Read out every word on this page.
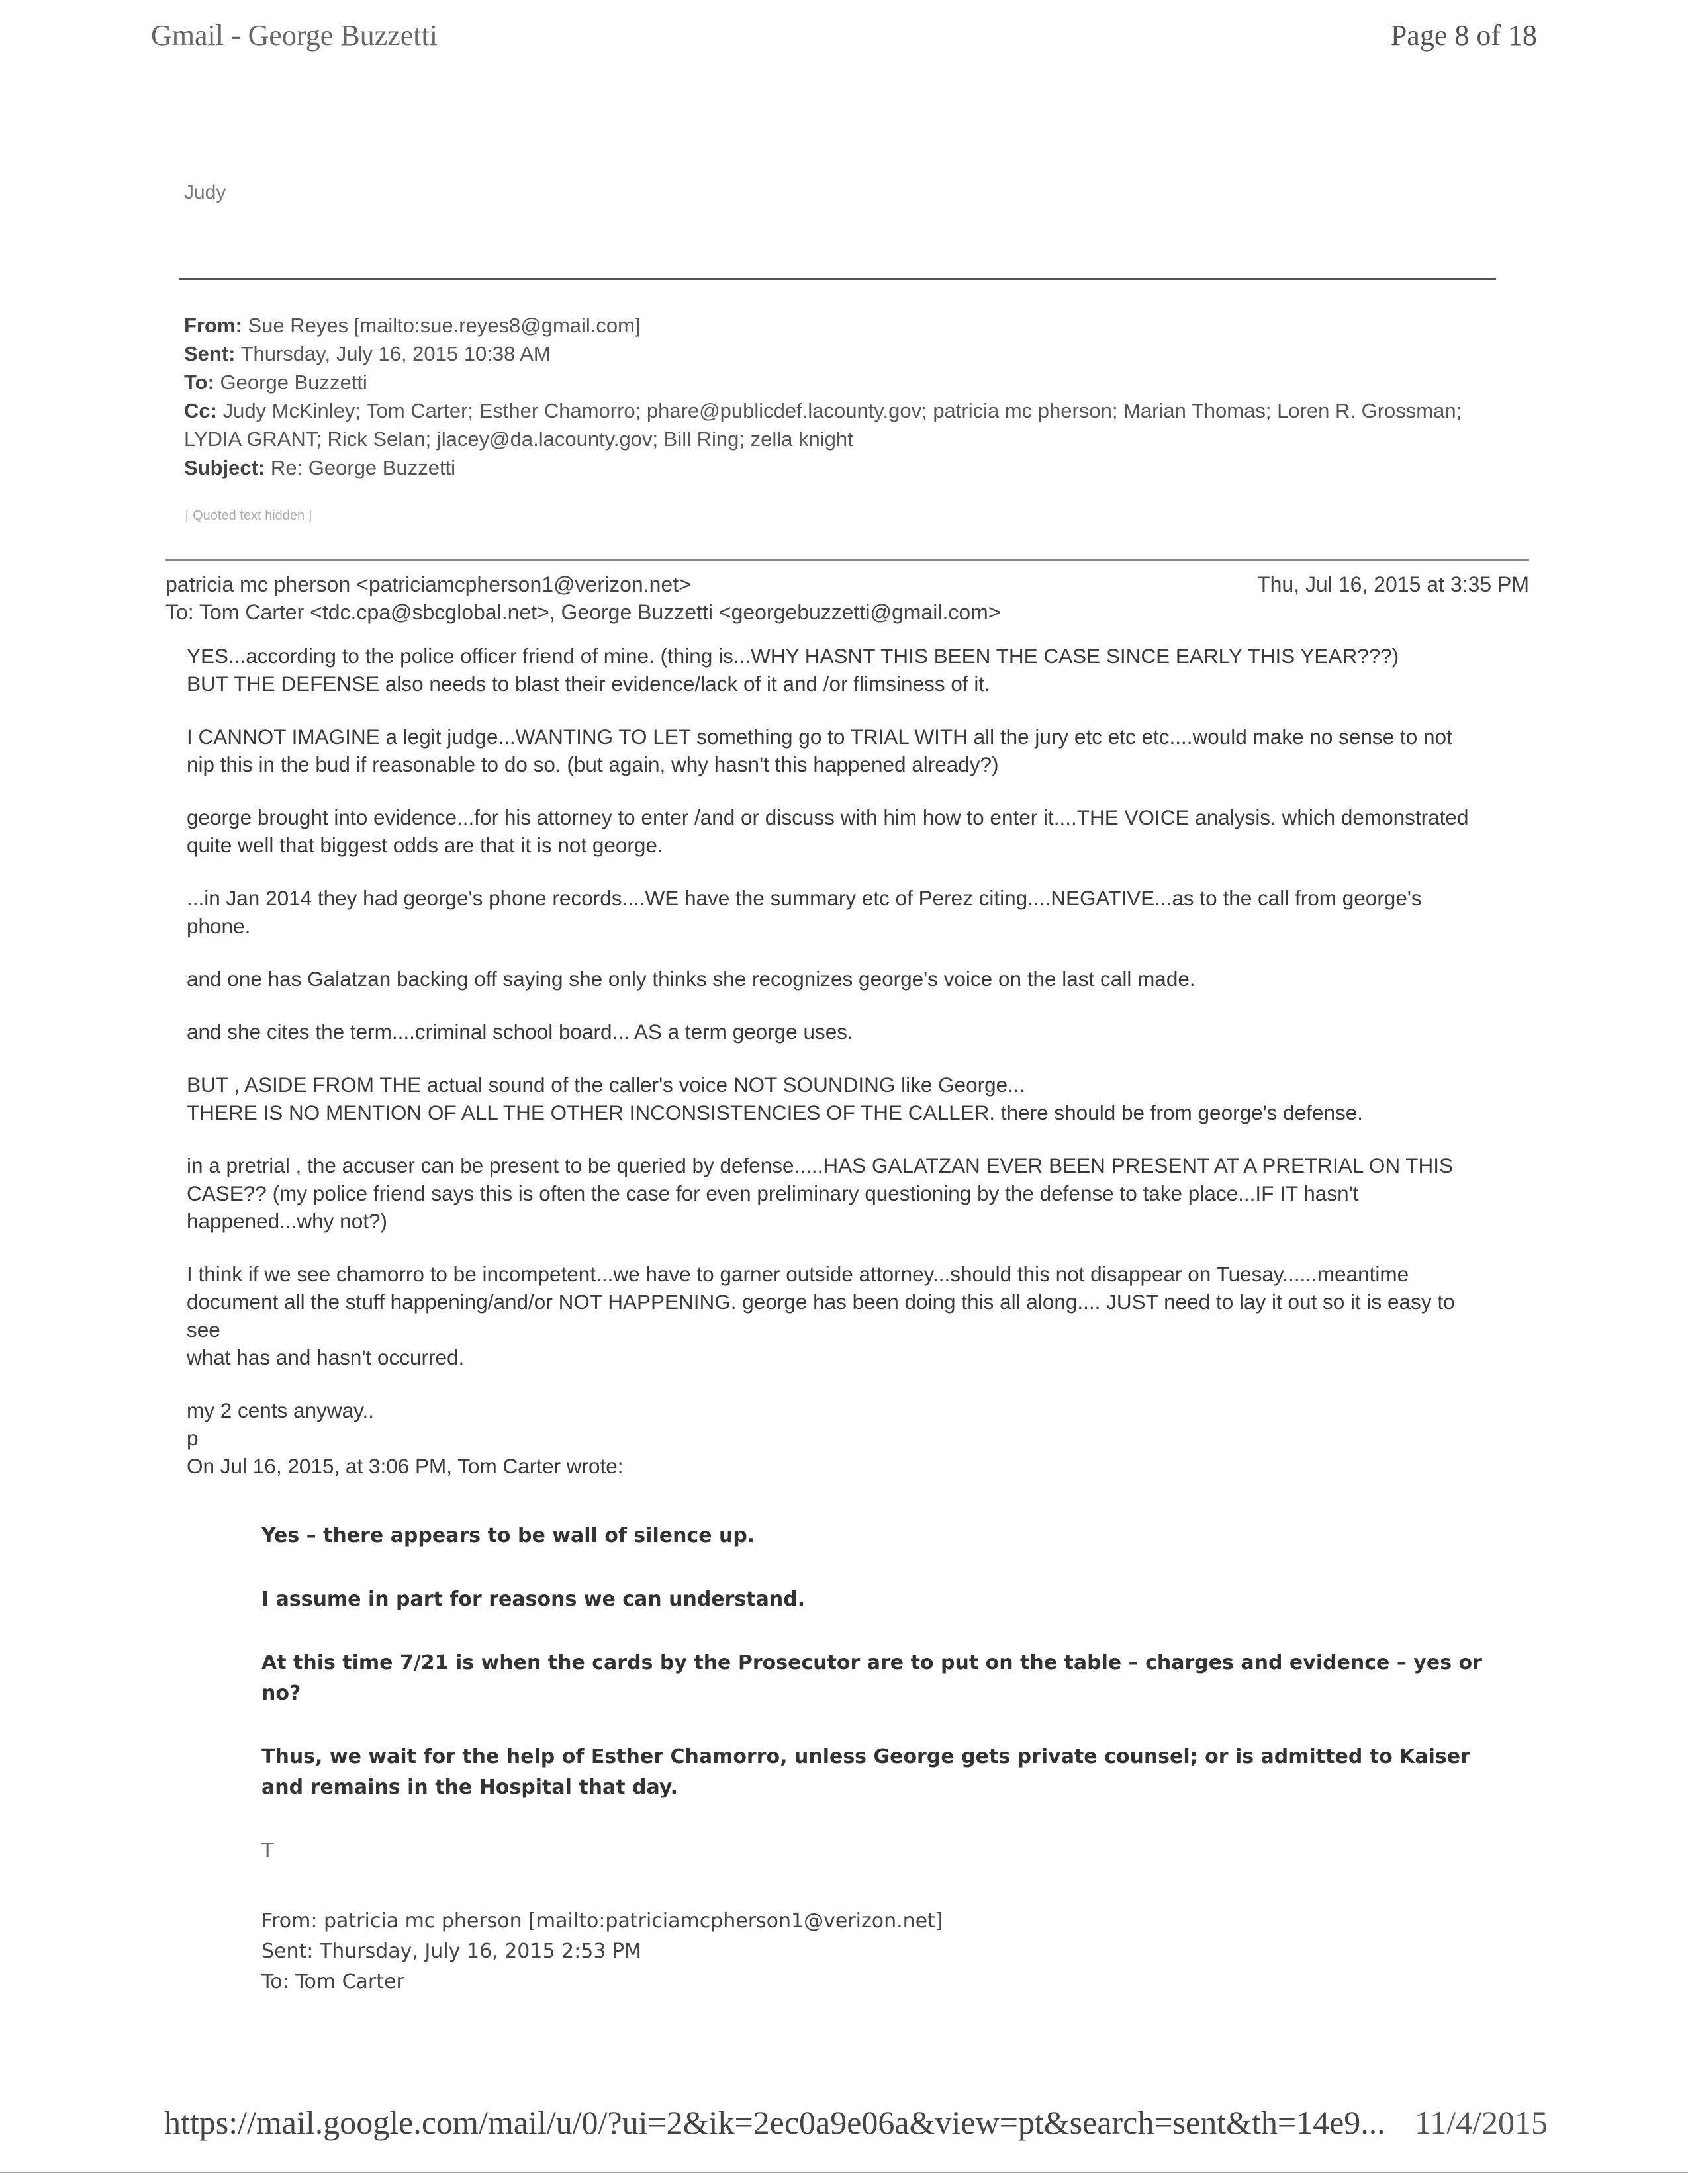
Gmail - George Buzzetti	Page 8 of 18
Judy
From: Sue Reyes [mailto:sue.reyes8@gmail.com]
Sent: Thursday, July 16, 2015 10:38 AM
To: George Buzzetti
Cc: Judy McKinley; Tom Carter; Esther Chamorro; phare@publicdef.lacounty.gov; patricia mc pherson; Marian Thomas; Loren R. Grossman; LYDIA GRANT; Rick Selan; jlacey@da.lacounty.gov; Bill Ring; zella knight
Subject: Re: George Buzzetti
[ Quoted text hidden ]
patricia mc pherson <patriciamcpherson1@verizon.net>	Thu, Jul 16, 2015 at 3:35 PM
To: Tom Carter <tdc.cpa@sbcglobal.net>, George Buzzetti <georgebuzzetti@gmail.com>

YES...according to the police officer friend of mine. (thing is...WHY HASNT THIS BEEN THE CASE SINCE EARLY THIS YEAR???)

BUT THE DEFENSE also needs to blast their evidence/lack of it and /or flimsiness of it.

I CANNOT IMAGINE a legit judge...WANTING TO LET something go to TRIAL WITH all the jury etc etc etc....would make no sense to not nip this in the bud if reasonable to do so. (but again, why hasn't this happened already?)

george brought into evidence...for his attorney to enter /and or discuss with him how to enter it....THE VOICE analysis. which demonstrated quite well that biggest odds are that it is not george.

...in Jan 2014 they had george's phone records....WE have the summary etc of Perez citing....NEGATIVE...as to the call from george's phone.

and one has Galatzan backing off saying she only thinks she recognizes george's voice on the last call made.

and she cites the term....criminal school board... AS a term george uses.

BUT , ASIDE FROM THE actual sound of the caller's voice NOT SOUNDING like George...

THERE IS NO MENTION OF ALL THE OTHER INCONSISTENCIES OF THE CALLER. there should be from george's defense.

in a pretrial , the accuser can be present to be queried by defense.....HAS GALATZAN EVER BEEN PRESENT AT A PRETRIAL ON THIS CASE?? (my police friend says this is often the case for even preliminary questioning by the defense to take place...IF IT hasn't happened...why not?)

I think if we see chamorro to be incompetent...we have to garner outside attorney...should this not disappear on Tuesay......meantime document all the stuff happening/and/or NOT HAPPENING. george has been doing this all along.... JUST need to lay it out so it is easy to see

what has and hasn't occurred.

my 2 cents anyway..

p

On Jul 16, 2015, at 3:06 PM, Tom Carter wrote:

Yes – there appears to be wall of silence up.

I assume in part for reasons we can understand.

At this time 7/21 is when the cards by the Prosecutor are to put on the table – charges and evidence – yes or no?

Thus, we wait for the help of Esther Chamorro, unless George gets private counsel; or is admitted to Kaiser and remains in the Hospital that day.

T

From: patricia mc pherson [mailto:patriciamcpherson1@verizon.net]

Sent: Thursday, July 16, 2015 2:53 PM

To: Tom Carter

https://mail.google.com/mail/u/0/?ui=2&ik=2ec0a9e06a&view=pt&search=sent&th=14e9... 11/4/2015
